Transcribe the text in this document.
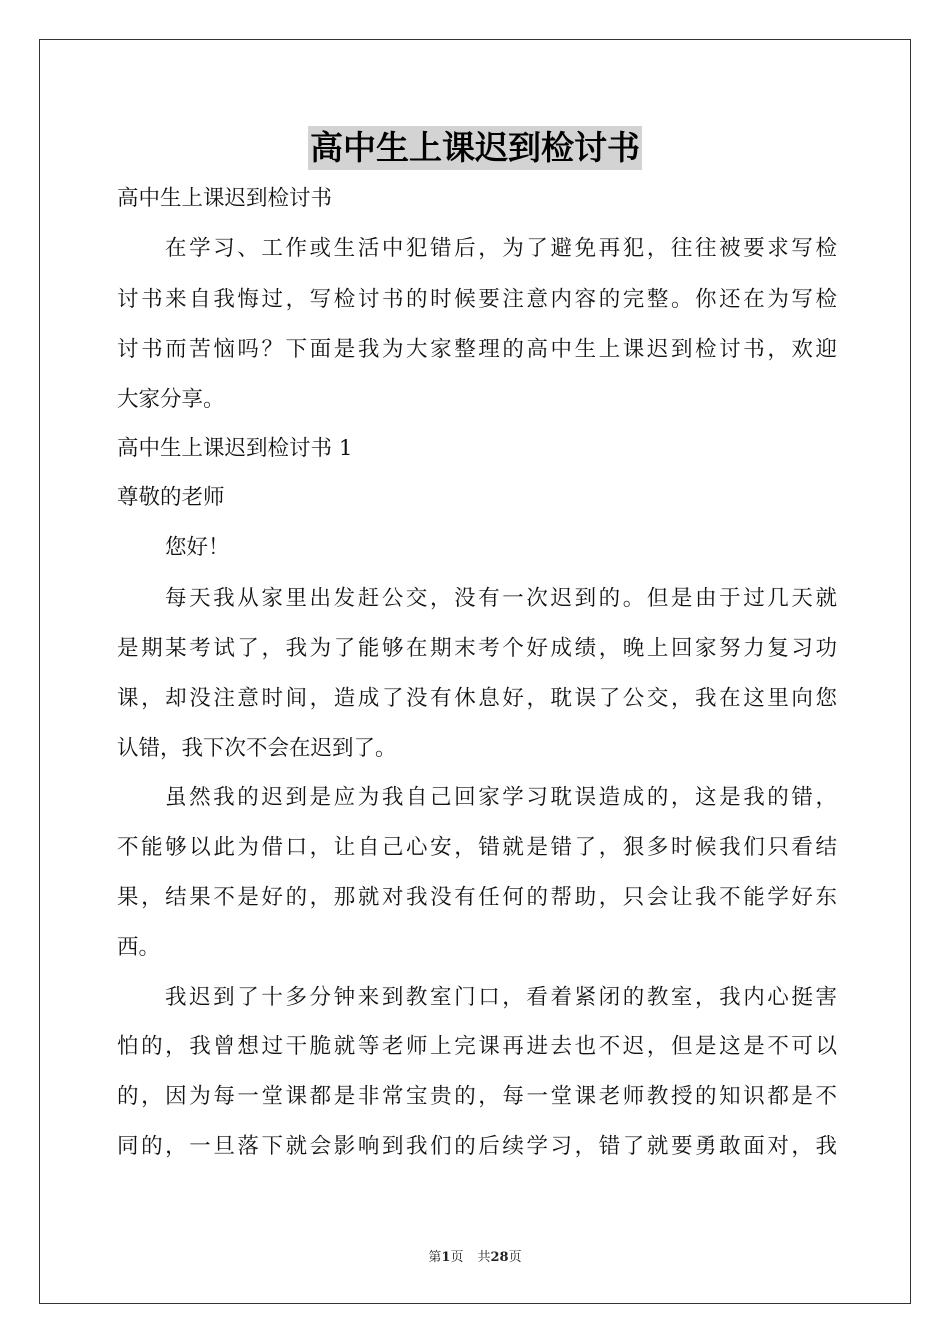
高中生上课迟到检讨书
高中生上课迟到检讨书
在学习、工作或生活中犯错后，为了避免再犯，往往被要求写检
讨书来自我悔过，写检讨书的时候要注意内容的完整。你还在为写检
讨书而苦恼吗？下面是我为大家整理的高中生上课迟到检讨书，欢迎
大家分享。
高中生上课迟到检讨书 1
尊敬的老师
您好！
每天我从家里出发赶公交，没有一次迟到的。但是由于过几天就
是期某考试了，我为了能够在期末考个好成绩，晚上回家努力复习功
课，却没注意时间，造成了没有休息好，耽误了公交，我在这里向您
认错，我下次不会在迟到了。
虽然我的迟到是应为我自己回家学习耽误造成的，这是我的错，
不能够以此为借口，让自己心安，错就是错了，狠多时候我们只看结
果，结果不是好的，那就对我没有任何的帮助，只会让我不能学好东
西。
我迟到了十多分钟来到教室门口，看着紧闭的教室，我内心挺害
怕的，我曾想过干脆就等老师上完课再进去也不迟，但是这是不可以
的，因为每一堂课都是非常宝贵的，每一堂课老师教授的知识都是不
同的，一旦落下就会影响到我们的后续学习，错了就要勇敢面对，我
第1页 共28页
